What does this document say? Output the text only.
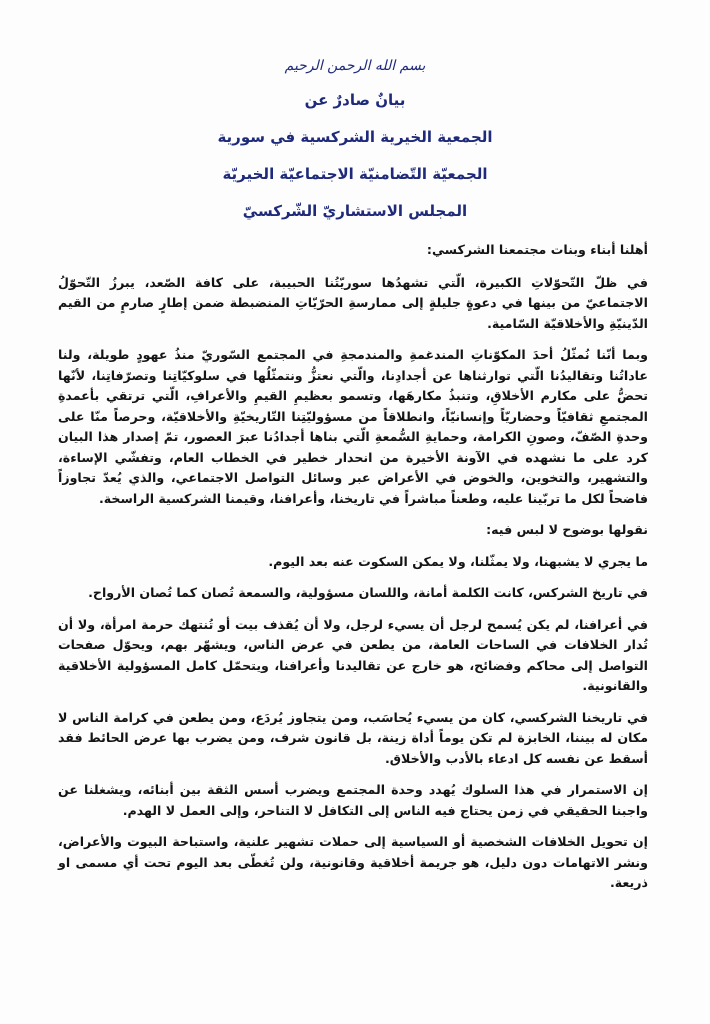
بسم الله الرحمن الرحيم
بيانٌ صادرٌ عن
الجمعية الخيرية الشركسية في سورية
الجمعيّة التّضامنيّة الاجتماعيّة الخيريّة
المجلس الاستشاريّ الشّركسيّ

أهلنا أبناء وبنات مجتمعنا الشركسي:

في ظلّ التّحوّلاتِ الكبيرة، الّتي تشهدُها سوريّتُنا الحبيبة، على كافة الصّعد، يبرزُ التّحوّلُ الاجتماعيّ من بينها في دعوةٍ جليلةٍ إلى ممارسةِ الحرّيّاتِ المنضبطة ضمن إطارٍ صارمٍ من القيم الدّينيّةِ والأخلاقيّة السّامية.

وبما أنّنا نُمثّلُ أحدَ المكوّناتِ المندغمةِ والمندمجةِ في المجتمع السّوريّ منذُ عهودٍ طويلة، ولنا عاداتُنا وتقاليدُنا الّتي توارثناها عن أجدادِنا، والّتي نعتزُّ ونتمثّلُها في سلوكيّاتِنا وتصرّفاتِنا، لأنّها تحضُّ على مكارم الأخلاقِ، وتنبذُ مكارهَها، وتسمو بعظيمِ القيمِ والأعرافِ، الّتي ترتقي بأعمدةِ المجتمعِ ثقافيّاً وحضاريّاً وإنسانيّاً، وانطلاقاً من مسؤوليّتِنا التّاريخيّةِ والأخلاقيّة، وحرصاً منّا على وحدةِ الصّفّ، وصونِ الكرامة، وحمايةِ السُّمعةِ الّتي بناها أجدادُنا عبرَ العصور، تمّ إصدار هذا البيان كرد على ما نشهده في الآونة الأخيرة من انحدار خطير في الخطاب العام، وتفشّي الإساءة، والتشهير، والتخوين، والخوض في الأعراض عبر وسائل التواصل الاجتماعي، والذي يُعدّ تجاوزاً فاضحاً لكل ما تربّينا عليه، وطعناً مباشراً في تاريخنا، وأعرافنا، وقيمنا الشركسية الراسخة.

نقولها بوضوح لا لبس فيه:

ما يجري لا يشبهنا، ولا يمثّلنا، ولا يمكن السكوت عنه بعد اليوم.

في تاريخ الشركس، كانت الكلمة أمانة، واللسان مسؤولية، والسمعة تُصان كما تُصان الأرواح.

في أعرافنا، لم يكن يُسمح لرجل أن يسيء لرجل، ولا أن يُقذف بيت أو تُنتهك حرمة امرأة، ولا أن تُدار الخلافات في الساحات العامة، من يطعن في عرض الناس، ويشهّر بهم، ويحوّل صفحات التواصل إلى محاكم وفضائح، هو خارج عن تقاليدنا وأعرافنا، ويتحمّل كامل المسؤولية الأخلاقية والقانونية.

في تاريخنا الشركسي، كان من يسيء يُحاسَب، ومن يتجاوز يُردَع، ومن يطعن في كرامة الناس لا مكان له بيننا، الخابزة لم تكن يوماً أداة زينة، بل قانون شرف، ومن يضرب بها عرض الحائط فقد أسقط عن نفسه كل ادعاء بالأدب والأخلاق.

إن الاستمرار في هذا السلوك يُهدد وحدة المجتمع ويضرب أسس الثقة بين أبنائه، ويشغلنا عن واجبنا الحقيقي في زمن يحتاج فيه الناس إلى التكافل لا التناحر، وإلى العمل لا الهدم.

إن تحويل الخلافات الشخصية أو السياسية إلى حملات تشهير علنية، واستباحة البيوت والأعراض، ونشر الاتهامات دون دليل، هو جريمة أخلاقية وقانونية، ولن تُغطّى بعد اليوم تحت أي مسمى او ذريعة.
